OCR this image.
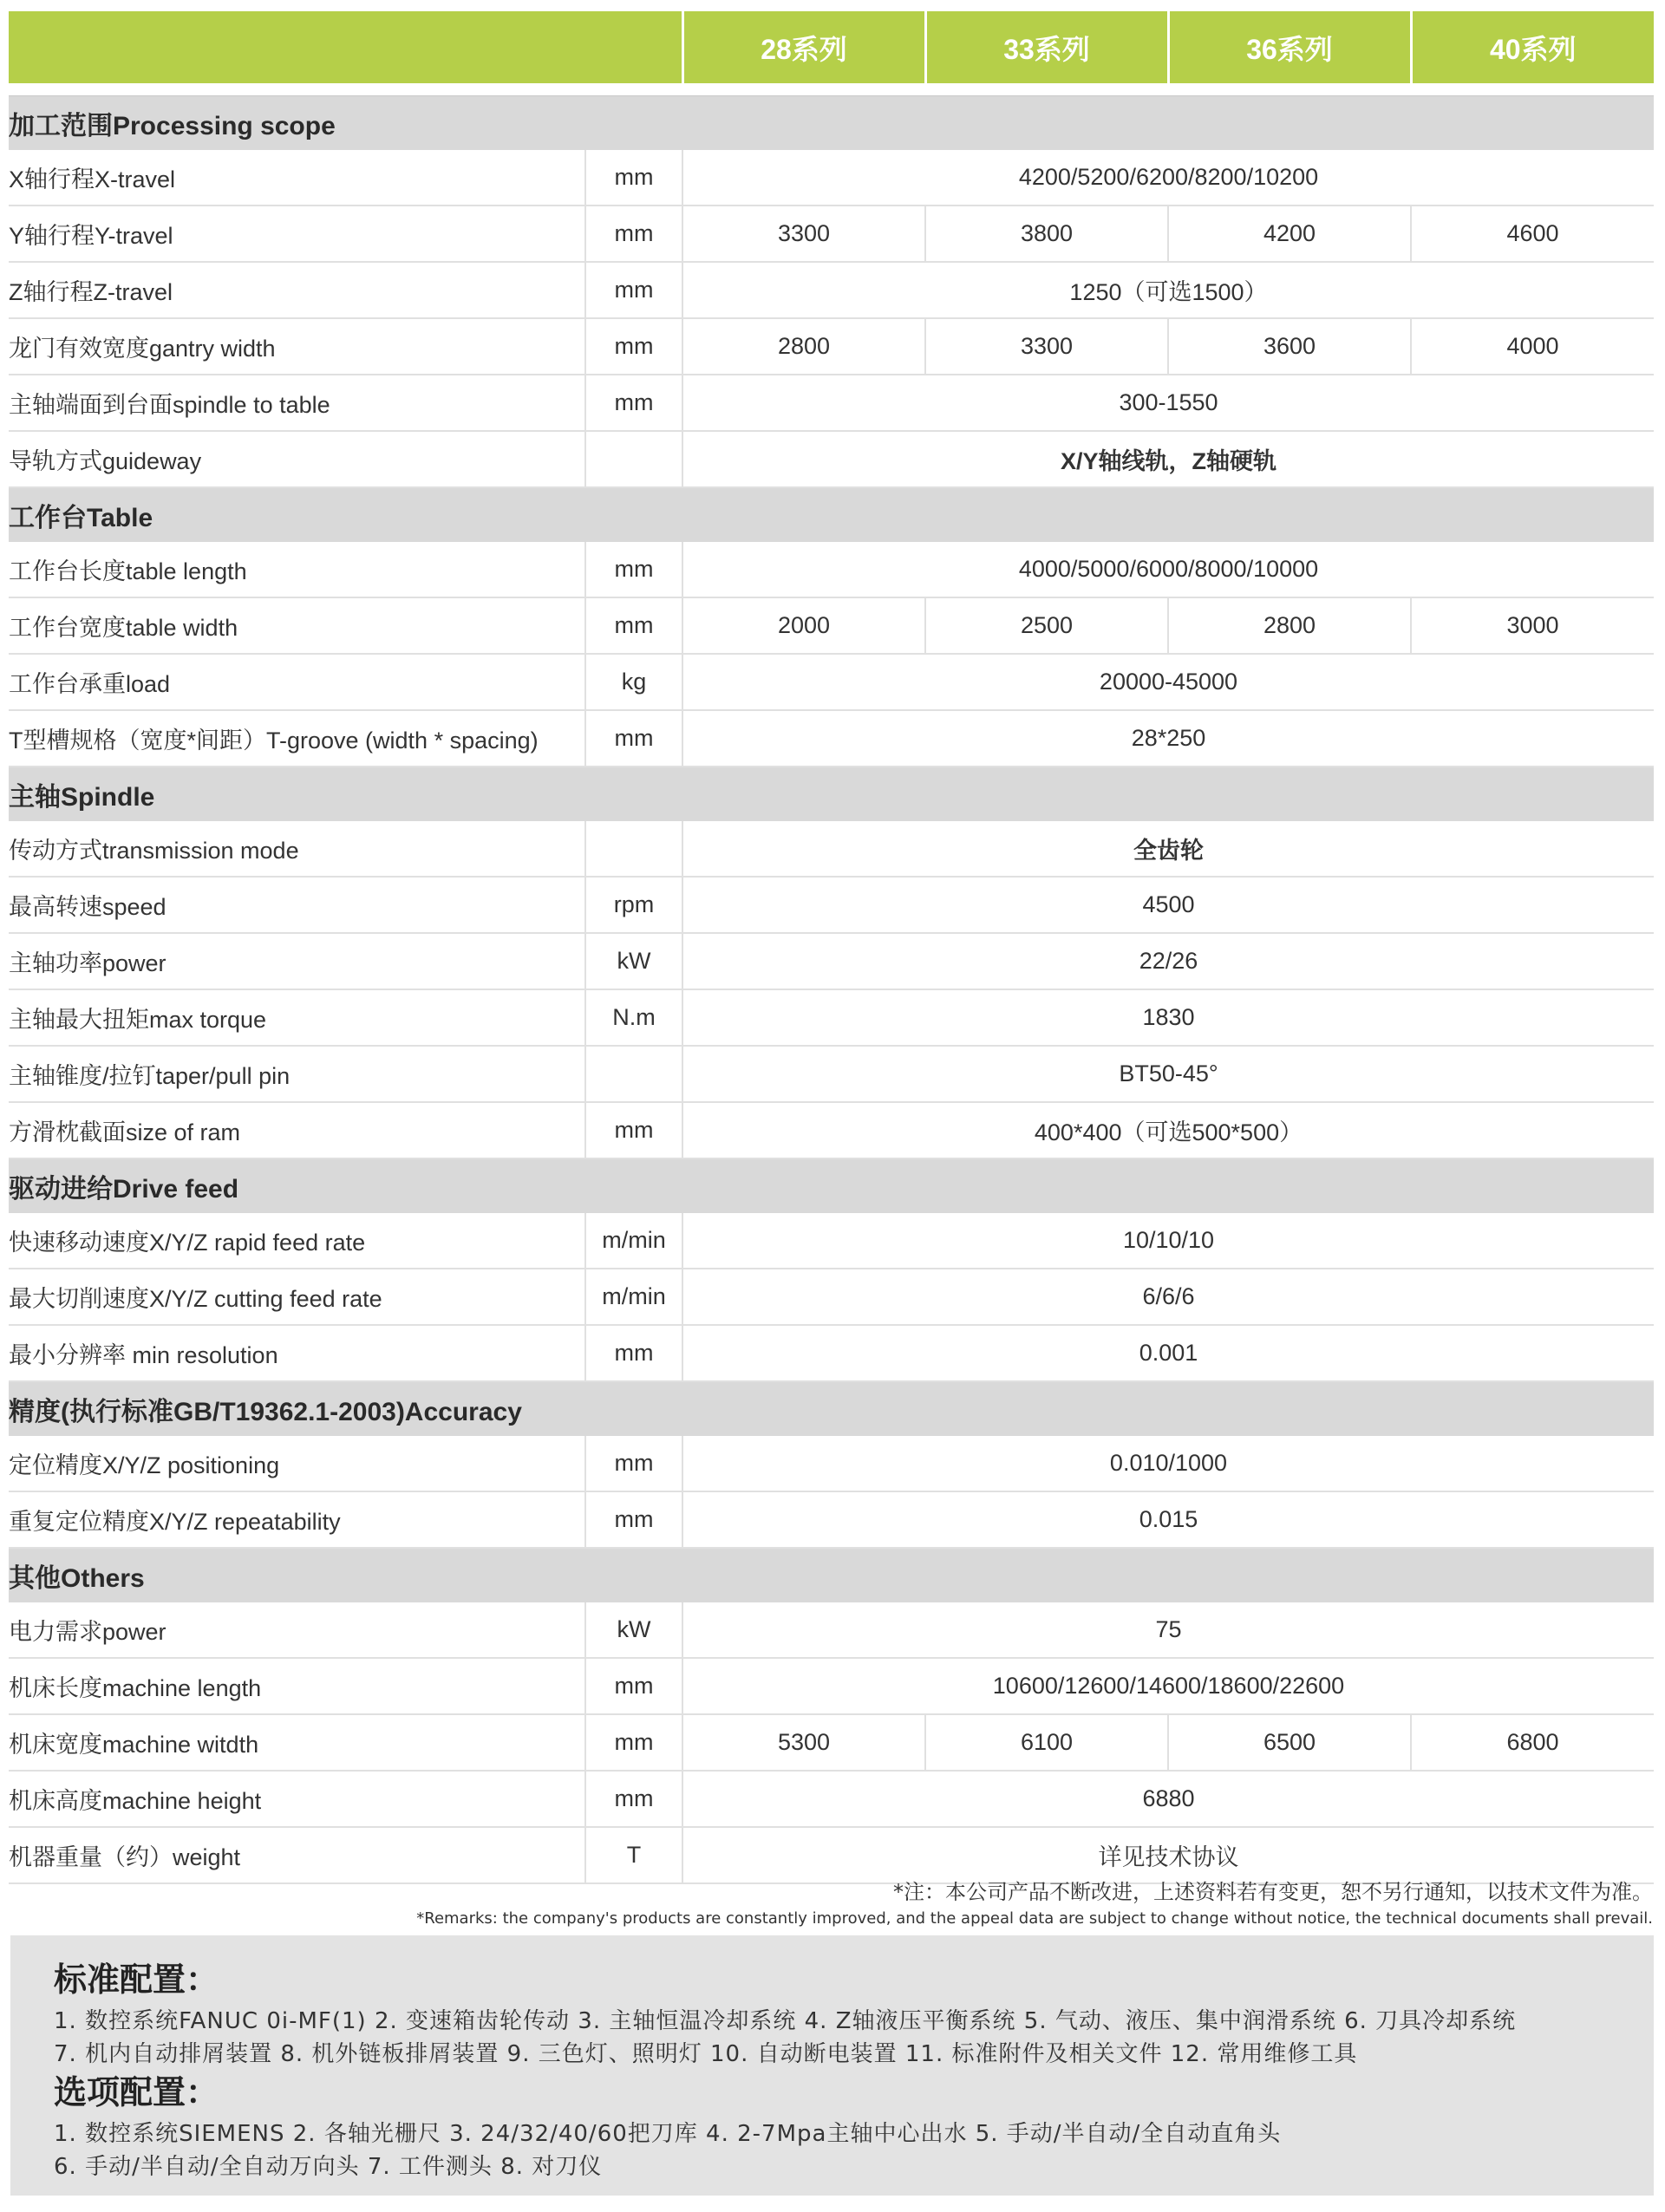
		28系列	33系列	36系列	40系列

加工范围Processing scope					
X轴行程X-travel	mm	4200/5200/6200/8200/10200			
Y轴行程Y-travel	mm	3300	3800	4200	4600
Z轴行程Z-travel	mm	1250（可选1500）			
龙门有效宽度gantry width	mm	2800	3300	3600	4000
主轴端面到台面spindle to table	mm	300-1550			
导轨方式guideway		X/Y轴线轨，Z轴硬轨			
工作台Table					
工作台长度table length	mm	4000/5000/6000/8000/10000			
工作台宽度table width	mm	2000	2500	2800	3000
工作台承重load	kg	20000-45000			
T型槽规格（宽度*间距）T-groove (width * spacing)	mm	28*250			
主轴Spindle					
传动方式transmission mode		全齿轮			
最高转速speed	rpm	4500			
主轴功率power	kW	22/26			
主轴最大扭矩max torque	N.m	1830			
主轴锥度/拉钉taper/pull pin		BT50-45°			
方滑枕截面size of ram	mm	400*400（可选500*500）			
驱动进给Drive feed					
快速移动速度X/Y/Z rapid feed rate	m/min	10/10/10			
最大切削速度X/Y/Z cutting feed rate	m/min	6/6/6			
最小分辨率 min resolution	mm	0.001			
精度(执行标准GB/T19362.1-2003)Accuracy					
定位精度X/Y/Z positioning	mm	0.010/1000			
重复定位精度X/Y/Z repeatability	mm	0.015			
其他Others					
电力需求power	kW	75			
机床长度machine length	mm	10600/12600/14600/18600/22600			
机床宽度machine witdth	mm	5300	6100	6500	6800
机床高度machine height	mm	6880			
机器重量（约）weight	T	详见技术协议			
*注：本公司产品不断改进，上述资料若有变更，恕不另行通知，以技术文件为准。
*Remarks: the company's products are constantly improved, and the appeal data are subject to change without notice, the technical documents shall prevail.
标准配置：
1. 数控系统FANUC 0i-MF(1) 2. 变速箱齿轮传动 3. 主轴恒温冷却系统 4. Z轴液压平衡系统 5. 气动、液压、集中润滑系统 6. 刀具冷却系统
7. 机内自动排屑装置 8. 机外链板排屑装置 9. 三色灯、照明灯 10. 自动断电装置 11. 标准附件及相关文件 12. 常用维修工具
选项配置：
1. 数控系统SIEMENS 2. 各轴光栅尺 3. 24/32/40/60把刀库 4. 2-7Mpa主轴中心出水 5. 手动/半自动/全自动直角头
6. 手动/半自动/全自动万向头 7. 工件测头 8. 对刀仪
